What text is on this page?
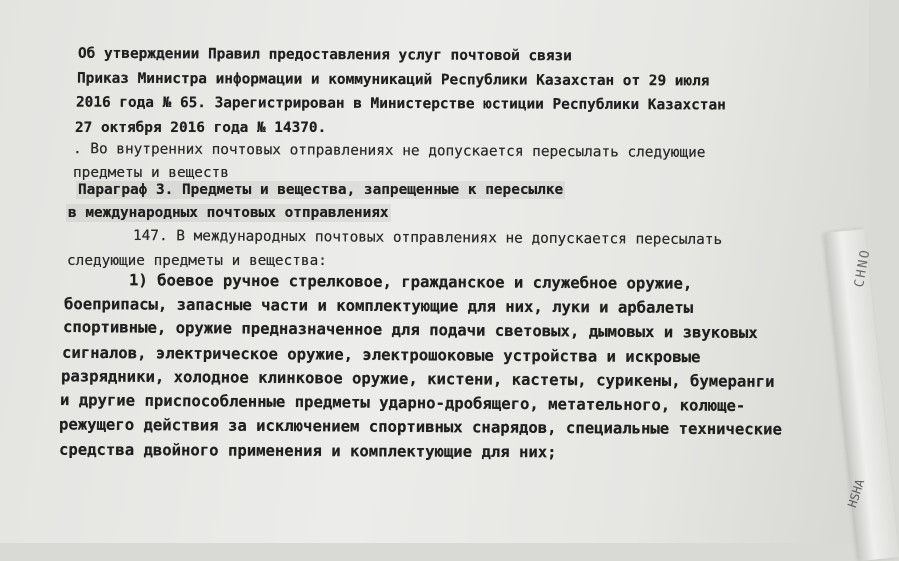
CHNO
HSHA
Об утверждении Правил предоставления услуг почтовой связи
Приказ Министра информации и коммуникаций Республики Казахстан от 29 июля
2016 года № 65. Зарегистрирован в Министерстве юстиции Республики Казахстан
27 октября 2016 года № 14370.
. Во внутренних почтовых отправлениях не допускается пересылать следующие
предметы и веществ
Параграф 3. Предметы и вещества, запрещенные к пересылке
в международных почтовых отправлениях
147. В международных почтовых отправлениях не допускается пересылать
следующие предметы и вещества:
1) боевое ручное стрелковое, гражданское и служебное оружие,
боеприпасы, запасные части и комплектующие для них, луки и арбалеты
спортивные, оружие предназначенное для подачи световых, дымовых и звуковых
сигналов, электрическое оружие, электрошоковые устройства и искровые
разрядники, холодное клинковое оружие, кистени, кастеты, сурикены, бумеранги
и другие приспособленные предметы ударно-дробящего, метательного, колюще-
режущего действия за исключением спортивных снарядов, специальные технические
средства двойного применения и комплектующие для них;
